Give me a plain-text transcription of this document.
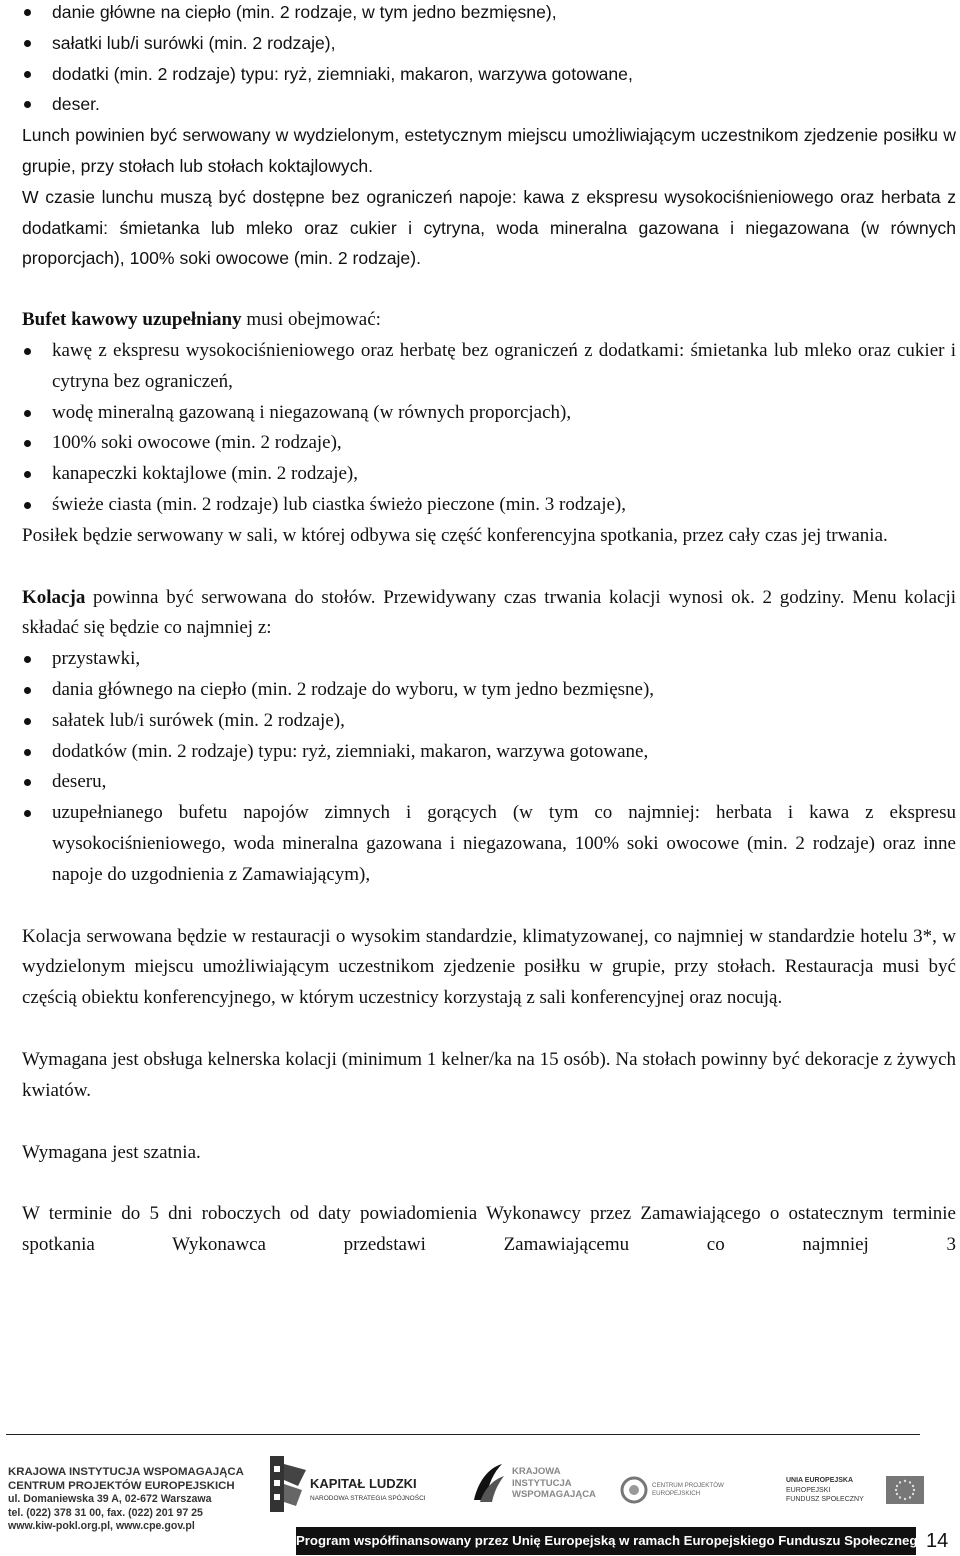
danie główne na ciepło (min. 2 rodzaje, w tym jedno bezmięsne),
sałatki lub/i surówki (min. 2 rodzaje),
dodatki (min. 2 rodzaje) typu: ryż, ziemniaki, makaron, warzywa gotowane,
deser.

Lunch powinien być serwowany w wydzielonym, estetycznym miejscu umożliwiającym uczestnikom zjedzenie posiłku w grupie, przy stołach lub stołach koktajlowych.

W czasie lunchu muszą być dostępne bez ograniczeń napoje: kawa z ekspresu wysokociśnieniowego oraz herbata z dodatkami: śmietanka lub mleko oraz cukier i cytryna, woda mineralna gazowana i niegazowana (w równych proporcjach), 100% soki owocowe (min. 2 rodzaje).

Bufet kawowy uzupełniany musi obejmować:

kawę z ekspresu wysokociśnieniowego oraz herbatę bez ograniczeń z dodatkami: śmietanka lub mleko oraz cukier i cytryna bez ograniczeń,
wodę mineralną gazowaną i niegazowaną (w równych proporcjach),
100% soki owocowe (min. 2 rodzaje),
kanapeczki koktajlowe (min. 2 rodzaje),
świeże ciasta (min. 2 rodzaje) lub ciastka świeżo pieczone (min. 3 rodzaje),

Posiłek będzie serwowany w sali, w której odbywa się część konferencyjna spotkania, przez cały czas jej trwania.

Kolacja powinna być serwowana do stołów. Przewidywany czas trwania kolacji wynosi ok. 2 godziny. Menu kolacji składać się będzie co najmniej z:

przystawki,
dania głównego na ciepło (min. 2 rodzaje do wyboru, w tym jedno bezmięsne),
sałatek lub/i surówek (min. 2 rodzaje),
dodatków (min. 2 rodzaje) typu: ryż, ziemniaki, makaron, warzywa gotowane,
deseru,
uzupełnianego bufetu napojów zimnych i gorących (w tym co najmniej: herbata i kawa z ekspresu wysokociśnieniowego, woda mineralna gazowana i niegazowana, 100% soki owocowe (min. 2 rodzaje) oraz inne napoje do uzgodnienia z Zamawiającym),

Kolacja serwowana będzie w restauracji o wysokim standardzie, klimatyzowanej, co najmniej w standardzie hotelu 3*, w wydzielonym miejscu umożliwiającym uczestnikom zjedzenie posiłku w grupie, przy stołach. Restauracja musi być częścią obiektu konferencyjnego, w którym uczestnicy korzystają z sali konferencyjnej oraz nocują.

Wymagana jest obsługa kelnerska kolacji (minimum 1 kelner/ka na 15 osób). Na stołach powinny być dekoracje z żywych kwiatów.

Wymagana jest szatnia.

W terminie do 5 dni roboczych od daty powiadomienia Wykonawcy przez Zamawiającego o ostatecznym terminie spotkania Wykonawca przedstawi Zamawiającemu co najmniej 3

KRAJOWA INSTYTUCJA WSPOMAGAJĄCA
CENTRUM PROJEKTÓW EUROPEJSKICH
ul. Domaniewska 39 A, 02-672 Warszawa
tel. (022) 378 31 00, fax. (022) 201 97 25
www.kiw-pokl.org.pl, www.cpe.gov.pl
KAPITAŁ LUDZKI
NARODOWA STRATEGIA SPÓJNOŚCI
KRAJOWA
INSTYTUCJA
WSPOMAGAJĄCA
CENTRUM PROJEKTÓW
EUROPEJSKICH
UNIA EUROPEJSKA
EUROPEJSKI
FUNDUSZ SPOŁECZNY
Program współfinansowany przez Unię Europejską w ramach Europejskiego Funduszu Społecznego 14
